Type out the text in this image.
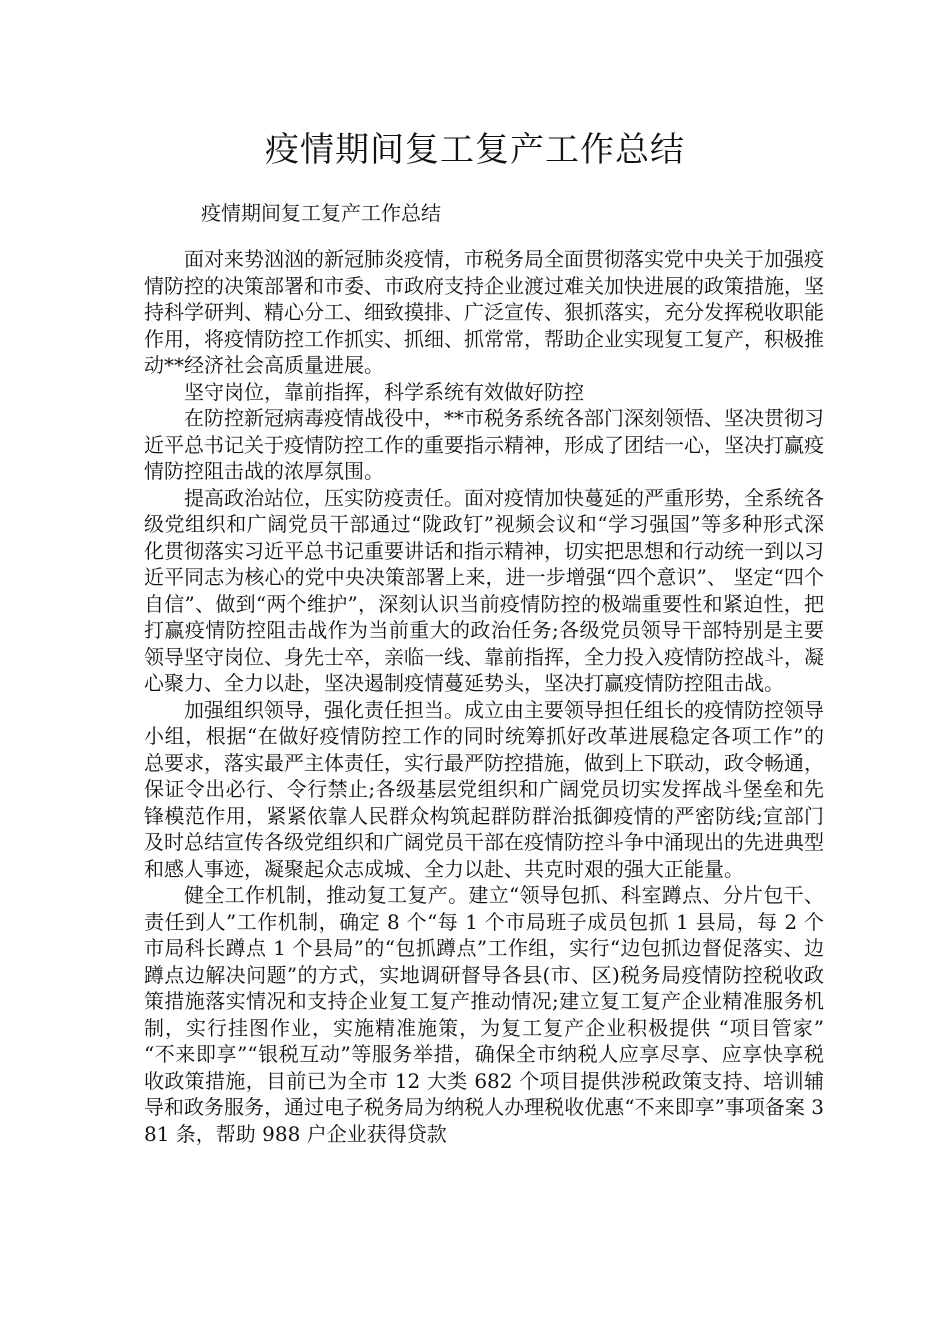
疫情期间复工复产工作总结

疫情期间复工复产工作总结

面对来势汹汹的新冠肺炎疫情，市税务局全面贯彻落实党中央关于加强疫情防控的决策部署和市委、市政府支持企业渡过难关加快进展的政策措施，坚持科学研判、精心分工、细致摸排、广泛宣传、狠抓落实，充分发挥税收职能作用，将疫情防控工作抓实、抓细、抓常常，帮助企业实现复工复产，积极推动**经济社会高质量进展。

坚守岗位，靠前指挥，科学系统有效做好防控

在防控新冠病毒疫情战役中，**市税务系统各部门深刻领悟、坚决贯彻习近平总书记关于疫情防控工作的重要指示精神，形成了团结一心，坚决打赢疫情防控阻击战的浓厚氛围。

提高政治站位，压实防疫责任。面对疫情加快蔓延的严重形势，全系统各级党组织和广阔党员干部通过“陇政钉”视频会议和“学习强国”等多种形式深化贯彻落实习近平总书记重要讲话和指示精神，切实把思想和行动统一到以习近平同志为核心的党中央决策部署上来，进一步增强“四个意识”、 坚定“四个自信”、做到“两个维护”，深刻认识当前疫情防控的极端重要性和紧迫性，把打赢疫情防控阻击战作为当前重大的政治任务;各级党员领导干部特别是主要领导坚守岗位、身先士卒，亲临一线、靠前指挥，全力投入疫情防控战斗，凝心聚力、全力以赴，坚决遏制疫情蔓延势头，坚决打赢疫情防控阻击战。

加强组织领导，强化责任担当。成立由主要领导担任组长的疫情防控领导小组，根据“在做好疫情防控工作的同时统筹抓好改革进展稳定各项工作”的总要求，落实最严主体责任，实行最严防控措施，做到上下联动，政令畅通，保证令出必行、令行禁止;各级基层党组织和广阔党员切实发挥战斗堡垒和先锋模范作用，紧紧依靠人民群众构筑起群防群治抵御疫情的严密防线;宣部门及时总结宣传各级党组织和广阔党员干部在疫情防控斗争中涌现出的先进典型和感人事迹，凝聚起众志成城、全力以赴、共克时艰的强大正能量。

健全工作机制，推动复工复产。建立“领导包抓、科室蹲点、分片包干、责任到人”工作机制，确定 8 个“每 1 个市局班子成员包抓 1 县局，每 2 个市局科长蹲点 1 个县局”的“包抓蹲点”工作组，实行“边包抓边督促落实、边蹲点边解决问题”的方式，实地调研督导各县(市、区)税务局疫情防控税收政策措施落实情况和支持企业复工复产推动情况;建立复工复产企业精准服务机制，实行挂图作业，实施精准施策，为复工复产企业积极提供 “项目管家” “不来即享”“银税互动”等服务举措，确保全市纳税人应享尽享、应享快享税收政策措施，目前已为全市 12 大类 682 个项目提供涉税政策支持、培训辅导和政务服务，通过电子税务局为纳税人办理税收优惠“不来即享”事项备案 381 条，帮助 988 户企业获得贷款
